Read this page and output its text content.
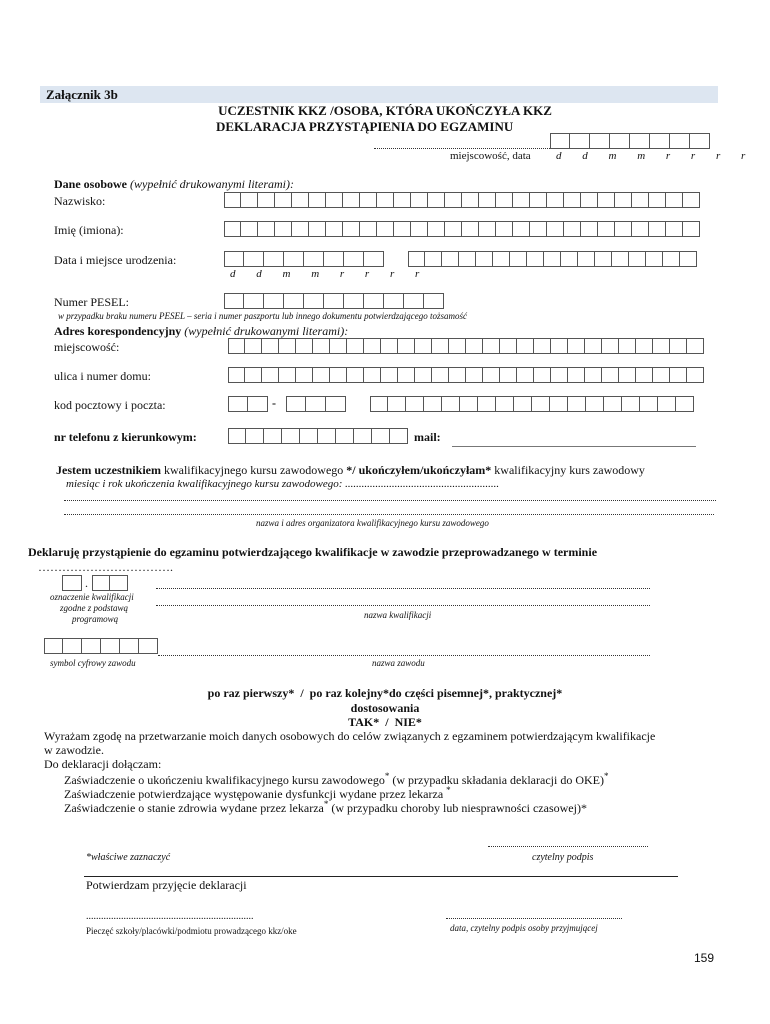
Załącznik 3b
UCZESTNIK KKZ /OSOBA, KTÓRA UKOŃCZYŁA KKZ
DEKLARACJA PRZYSTĄPIENIA DO EGZAMINU
miejscowość, data d d m m r r r r
Dane osobowe (wypełnić drukowanymi literami):
Nazwisko:
Imię (imiona):
Data i miejsce urodzenia:
d d m m r r r r
Numer PESEL:
w przypadku braku numeru PESEL – seria i numer paszportu lub innego dokumentu potwierdzającego tożsamość
Adres korespondencyjny (wypełnić drukowanymi literami):
miejscowość:
ulica i numer domu:
kod pocztowy i poczta:	-
nr telefonu z kierunkowym:	mail:
Jestem uczestnikiem kwalifikacyjnego kursu zawodowego */ ukończyłem/ukończyłam* kwalifikacyjny kurs zawodowy
miesiąc i rok ukończenia kwalifikacyjnego kursu zawodowego: ........................................................
nazwa i adres organizatora kwalifikacyjnego kursu zawodowego
Deklaruję przystąpienie do egzaminu potwierdzającego kwalifikacje w zawodzie przeprowadzanego w terminie
…………………………….
.
oznaczenie kwalifikacji
zgodne z podstawą
programową	nazwa kwalifikacji
symbol cyfrowy zawodu	nazwa zawodu
po raz pierwszy* / po raz kolejny*do części pisemnej*, praktycznej*
dostosowania
TAK* / NIE*
Wyrażam zgodę na przetwarzanie moich danych osobowych do celów związanych z egzaminem potwierdzającym kwalifikacje
w zawodzie.
Do deklaracji dołączam:
Zaświadczenie o ukończeniu kwalifikacyjnego kursu zawodowego* (w przypadku składania deklaracji do OKE)*
Zaświadczenie potwierdzające występowanie dysfunkcji wydane przez lekarza *
Zaświadczenie o stanie zdrowia wydane przez lekarza* (w przypadku choroby lub niesprawności czasowej)*
*właściwe zaznaczyć	czytelny podpis
Potwierdzam przyjęcie deklaracji
...................................................................
Pieczęć szkoły/placówki/podmiotu prowadzącego kkz/oke	data, czytelny podpis osoby przyjmującej
159
